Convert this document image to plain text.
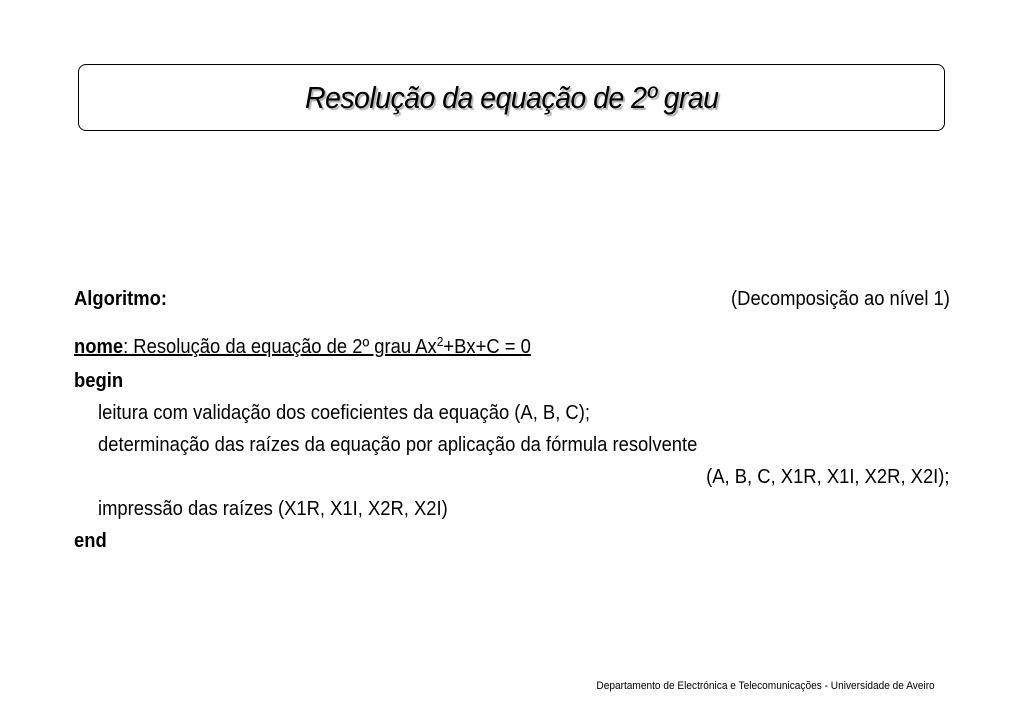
Resolução da equação de 2º grau
Algoritmo:	(Decomposição ao nível 1)
nome: Resolução da equação de 2º grau $Ax^2+Bx+C = 0$
begin
leitura com validação dos coeficientes da equação (A, B, C);
determinação das raízes da equação por aplicação da fórmula resolvente
(A, B, C, X1R, X1I, X2R, X2I);
impressão das raízes (X1R, X1I, X2R, X2I)
end
Departamento de Electrónica e Telecomunicações - Universidade de Aveiro
